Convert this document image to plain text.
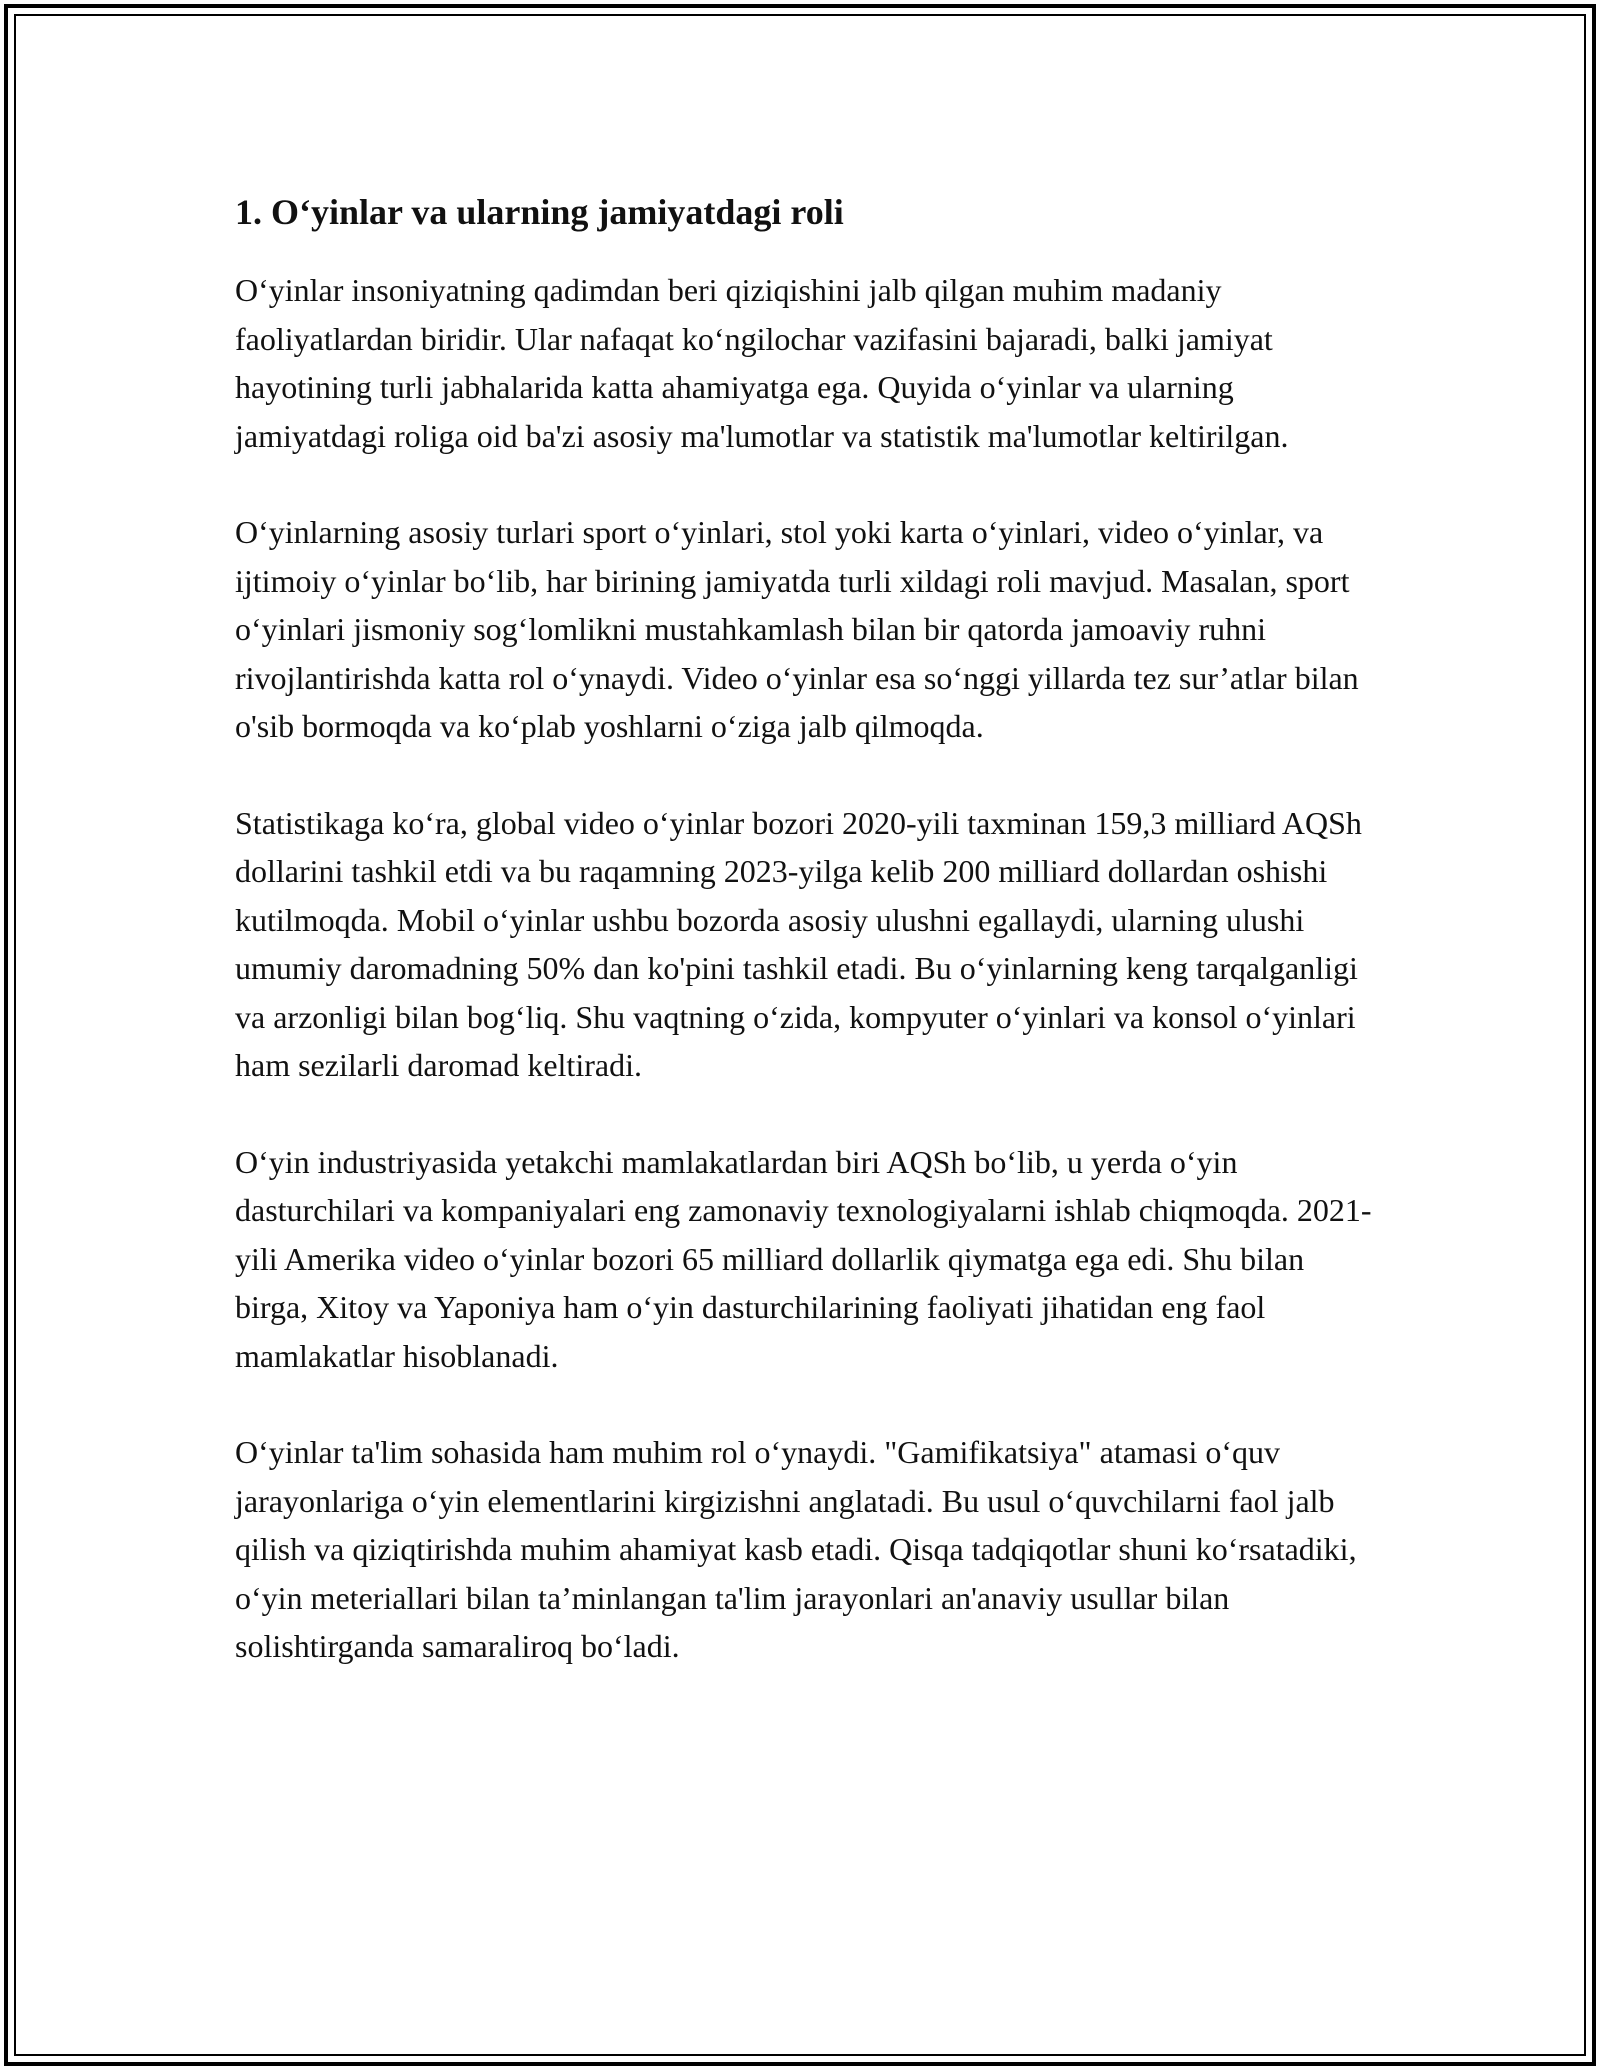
1. O‘yinlar va ularning jamiyatdagi roli

O‘yinlar insoniyatning qadimdan beri qiziqishini jalb qilgan muhim madaniy faoliyatlardan biridir. Ular nafaqat ko‘ngilochar vazifasini bajaradi, balki jamiyat hayotining turli jabhalarida katta ahamiyatga ega. Quyida o‘yinlar va ularning jamiyatdagi roliga oid ba'zi asosiy ma'lumotlar va statistik ma'lumotlar keltirilgan.

O‘yinlarning asosiy turlari sport o‘yinlari, stol yoki karta o‘yinlari, video o‘yinlar, va ijtimoiy o‘yinlar bo‘lib, har birining jamiyatda turli xildagi roli mavjud. Masalan, sport o‘yinlari jismoniy sog‘lomlikni mustahkamlash bilan bir qatorda jamoaviy ruhni rivojlantirishda katta rol o‘ynaydi. Video o‘yinlar esa so‘nggi yillarda tez sur’atlar bilan o'sib bormoqda va ko‘plab yoshlarni o‘ziga jalb qilmoqda.

Statistikaga ko‘ra, global video o‘yinlar bozori 2020-yili taxminan 159,3 milliard AQSh dollarini tashkil etdi va bu raqamning 2023-yilga kelib 200 milliard dollardan oshishi kutilmoqda. Mobil o‘yinlar ushbu bozorda asosiy ulushni egallaydi, ularning ulushi umumiy daromadning 50% dan ko'pini tashkil etadi. Bu o‘yinlarning keng tarqalganligi va arzonligi bilan bog‘liq. Shu vaqtning o‘zida, kompyuter o‘yinlari va konsol o‘yinlari ham sezilarli daromad keltiradi.

O‘yin industriyasida yetakchi mamlakatlardan biri AQSh bo‘lib, u yerda o‘yin dasturchilari va kompaniyalari eng zamonaviy texnologiyalarni ishlab chiqmoqda. 2021-yili Amerika video o‘yinlar bozori 65 milliard dollarlik qiymatga ega edi. Shu bilan birga, Xitoy va Yaponiya ham o‘yin dasturchilarining faoliyati jihatidan eng faol mamlakatlar hisoblanadi.

O‘yinlar ta'lim sohasida ham muhim rol o‘ynaydi. "Gamifikatsiya" atamasi o‘quv jarayonlariga o‘yin elementlarini kirgizishni anglatadi. Bu usul o‘quvchilarni faol jalb qilish va qiziqtirishda muhim ahamiyat kasb etadi. Qisqa tadqiqotlar shuni ko‘rsatadiki, o‘yin meteriallari bilan ta’minlangan ta'lim jarayonlari an'anaviy usullar bilan solishtirganda samaraliroq bo‘ladi.
